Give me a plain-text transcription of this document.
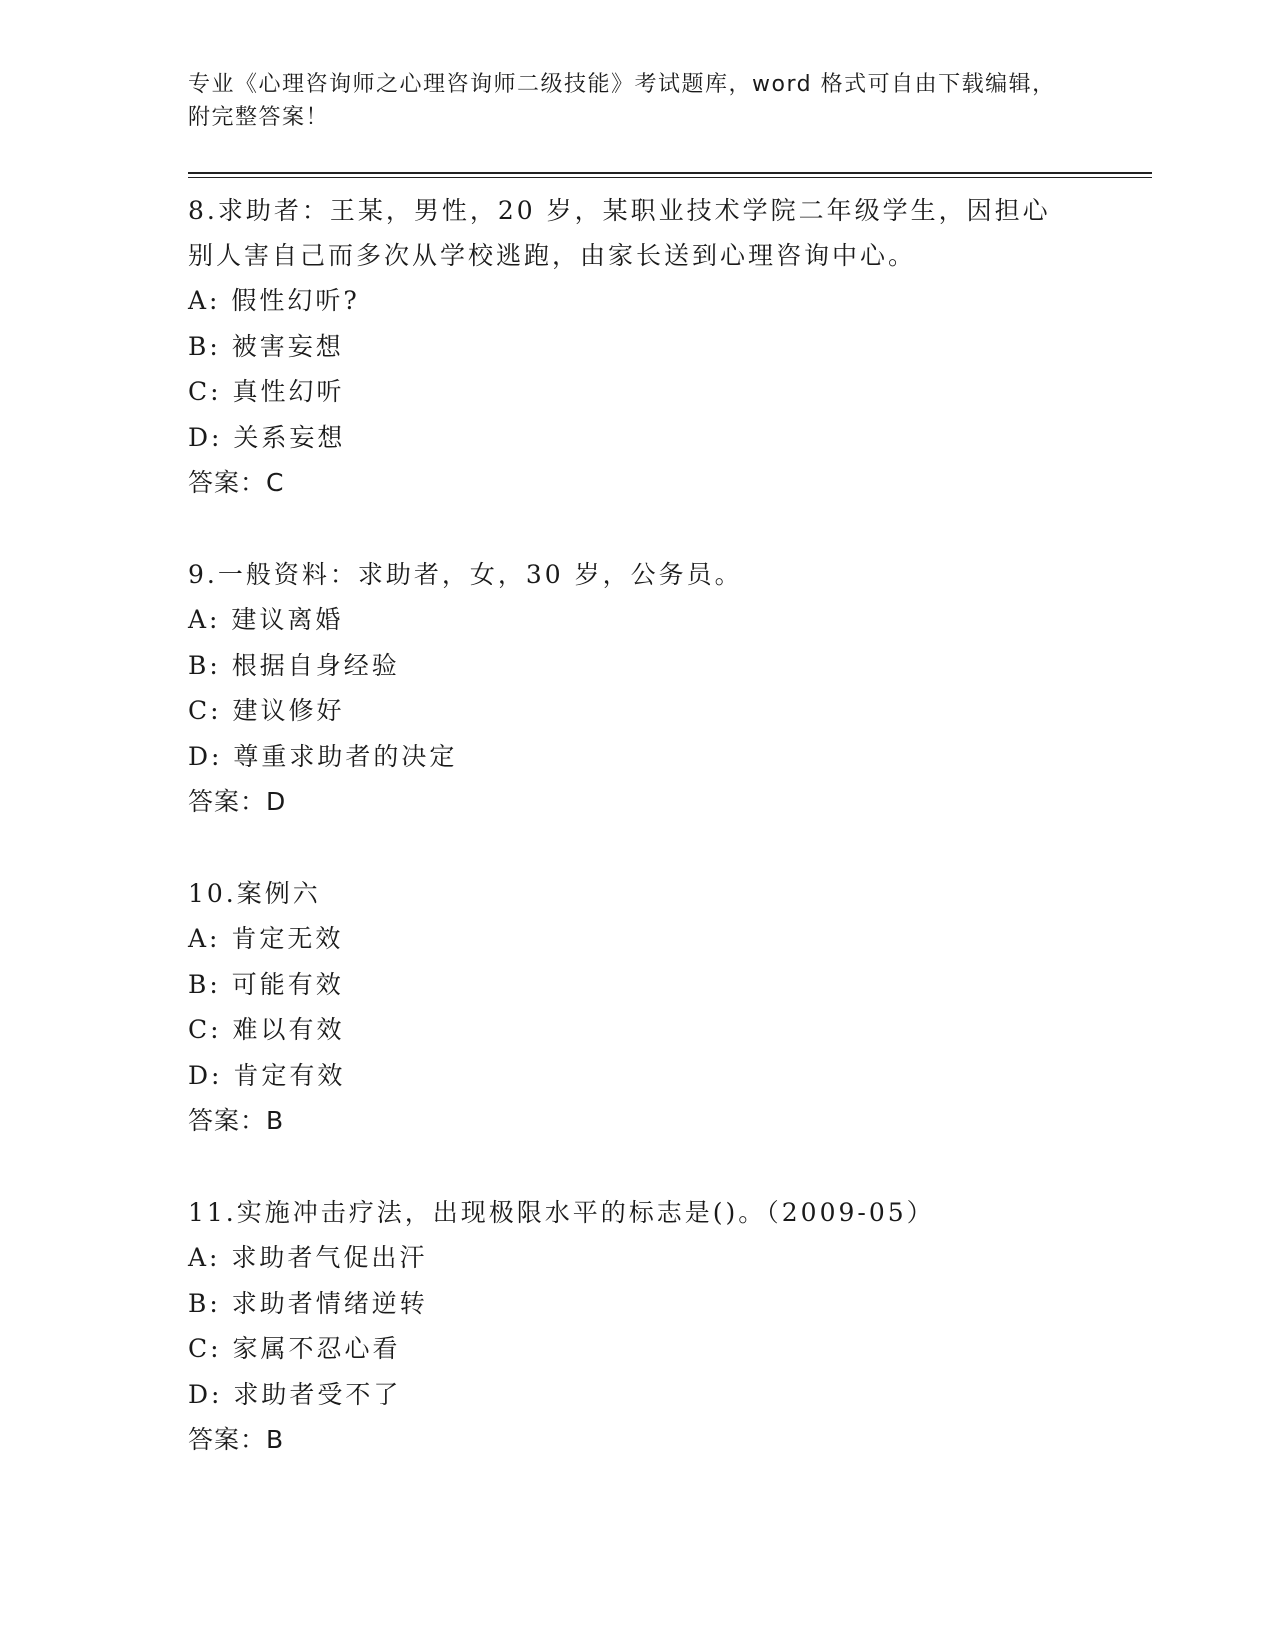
专业《心理咨询师之心理咨询师二级技能》考试题库，word 格式可自由下载编辑，附完整答案！

8.求助者：王某，男性，20 岁，某职业技术学院二年级学生，因担心别人害自己而多次从学校逃跑，由家长送到心理咨询中心。

A: 假性幻听?

B: 被害妄想

C: 真性幻听

D: 关系妄想

答案：C

9.一般资料：求助者，女，30 岁，公务员。

A: 建议离婚

B: 根据自身经验

C: 建议修好

D: 尊重求助者的决定

答案：D

10.案例六

A: 肯定无效

B: 可能有效

C: 难以有效

D: 肯定有效

答案：B

11.实施冲击疗法，出现极限水平的标志是()。（2009-05）

A: 求助者气促出汗

B: 求助者情绪逆转

C: 家属不忍心看

D: 求助者受不了

答案：B
